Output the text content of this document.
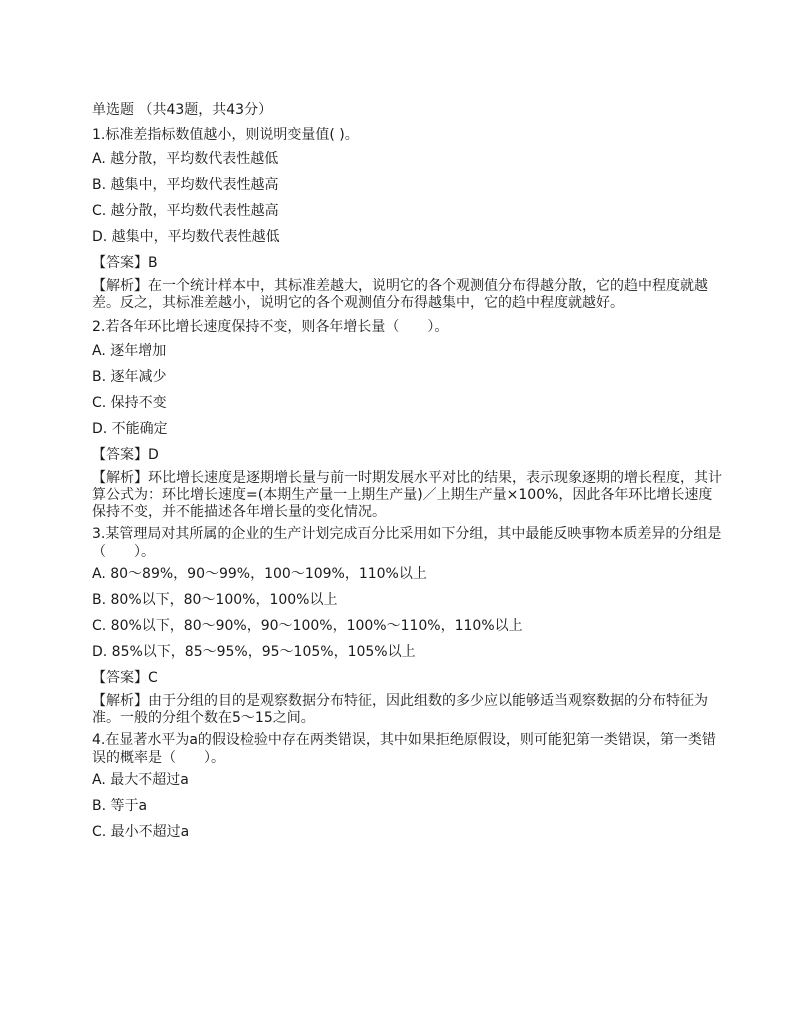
单选题 （共43题，共43分）
1.标准差指标数值越小，则说明变量值( )。
A. 越分散，平均数代表性越低
B. 越集中，平均数代表性越高
C. 越分散，平均数代表性越高
D. 越集中，平均数代表性越低
【答案】B
【解析】在一个统计样本中，其标准差越大，说明它的各个观测值分布得越分散，它的趋中程度就越差。反之，其标准差越小，说明它的各个观测值分布得越集中，它的趋中程度就越好。
2.若各年环比增长速度保持不变，则各年增长量（　　）。
A. 逐年增加
B. 逐年减少
C. 保持不变
D. 不能确定
【答案】D
【解析】环比增长速度是逐期增长量与前一时期发展水平对比的结果，表示现象逐期的增长程度，其计算公式为：环比增长速度=(本期生产量一上期生产量)／上期生产量×100%，因此各年环比增长速度保持不变，并不能描述各年增长量的变化情况。
3.某管理局对其所属的企业的生产计划完成百分比采用如下分组，其中最能反映事物本质差异的分组是（　　）。
A. 80～89%，90～99%，100～109%，110%以上
B. 80%以下，80～100%，100%以上
C. 80%以下，80～90%，90～100%，100%～110%，110%以上
D. 85%以下，85～95%，95～105%，105%以上
【答案】C
【解析】由于分组的目的是观察数据分布特征，因此组数的多少应以能够适当观察数据的分布特征为准。一般的分组个数在5～15之间。
4.在显著水平为a的假设检验中存在两类错误，其中如果拒绝原假设，则可能犯第一类错误，第一类错误的概率是（　　）。
A. 最大不超过a
B. 等于a
C. 最小不超过a
